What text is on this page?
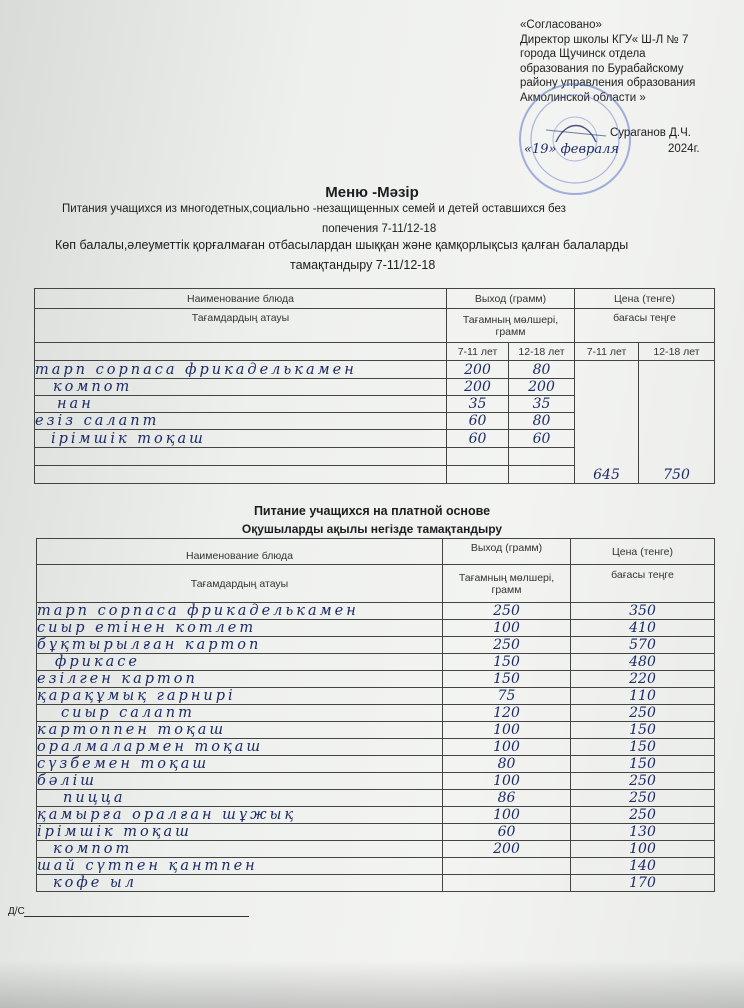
«Согласовано»
Директор школы КГУ« Ш-Л № 7
города Щучинск отдела
образования по Бурабайскому
району управления образования
Акмолинской области »
Сураганов Д.Ч.
«19» февраля	2024г.
Меню -Мәзір
Питания учащихся из многодетных,социально -незащищенных семей и детей оставшихся без
попечения 7-11/12-18
Көп балалы,әлеуметтік қорғалмаған отбасылардан шыққан және қамқорлықсыз қалған балаларды
тамақтандыру 7-11/12-18
Наименование блюда	Выход (грамм)		Цена (тенге)	
Тағамдардың атауы	Тағамның мөлшері, грамм		бағасы теңге	
	7-11 лет	12-18 лет	7-11 лет	12-18 лет
тарп сорпаса фрикаделькамен	200	80	645	750
компот	200	200		
нан	35	35		
езіз салапт	60	80		
ірімшік тоқаш	60	60		

Питание учащихся на платной основе
Оқушыларды ақылы негізде тамақтандыру
Наименование блюда	Выход (грамм)	Цена (тенге)
Тағамдардың атауы	Тағамның мөлшері, грамм	бағасы теңге
тарп сорпаса фрикаделькамен	250	350
сиыр етінен котлет	100	410
бұқтырылған картоп	250	570
фрикасе	150	480
езілген картоп	150	220
қарақұмық гарнирі	75	110
сиыр салапт	120	250
картоппен тоқаш	100	150
оралмалармен тоқаш	100	150
сүзбемен тоқаш	80	150
бәліш	100	250
пицца	86	250
қамырға оралған шұжық	100	250
ірімшік тоқаш	60	130
компот	200	100
шай сүтпен қантпен		140
кофе ыл		170
Д/С
